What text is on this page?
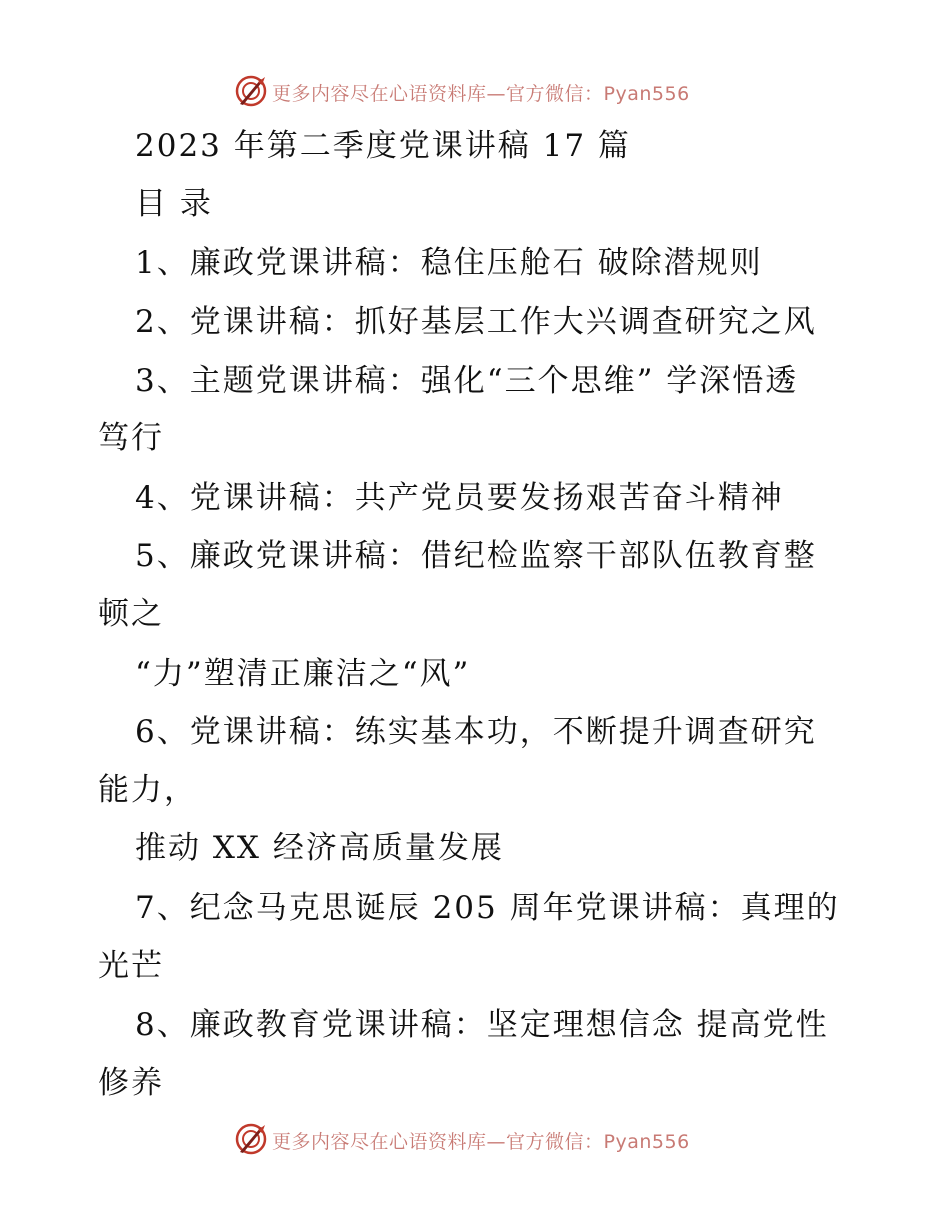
更多内容尽在心语资料库—官方微信：Pyan556
2023 年第二季度党课讲稿 17 篇
目 录
1、廉政党课讲稿：稳住压舱石 破除潜规则
2、党课讲稿：抓好基层工作大兴调查研究之风
3、主题党课讲稿：强化“三个思维” 学深悟透
笃行
4、党课讲稿：共产党员要发扬艰苦奋斗精神
5、廉政党课讲稿：借纪检监察干部队伍教育整
顿之
“力”塑清正廉洁之“风”
6、党课讲稿：练实基本功，不断提升调查研究
能力，
推动 XX 经济高质量发展
7、纪念马克思诞辰 205 周年党课讲稿：真理的
光芒
8、廉政教育党课讲稿：坚定理想信念 提高党性
修养
更多内容尽在心语资料库—官方微信：Pyan556
